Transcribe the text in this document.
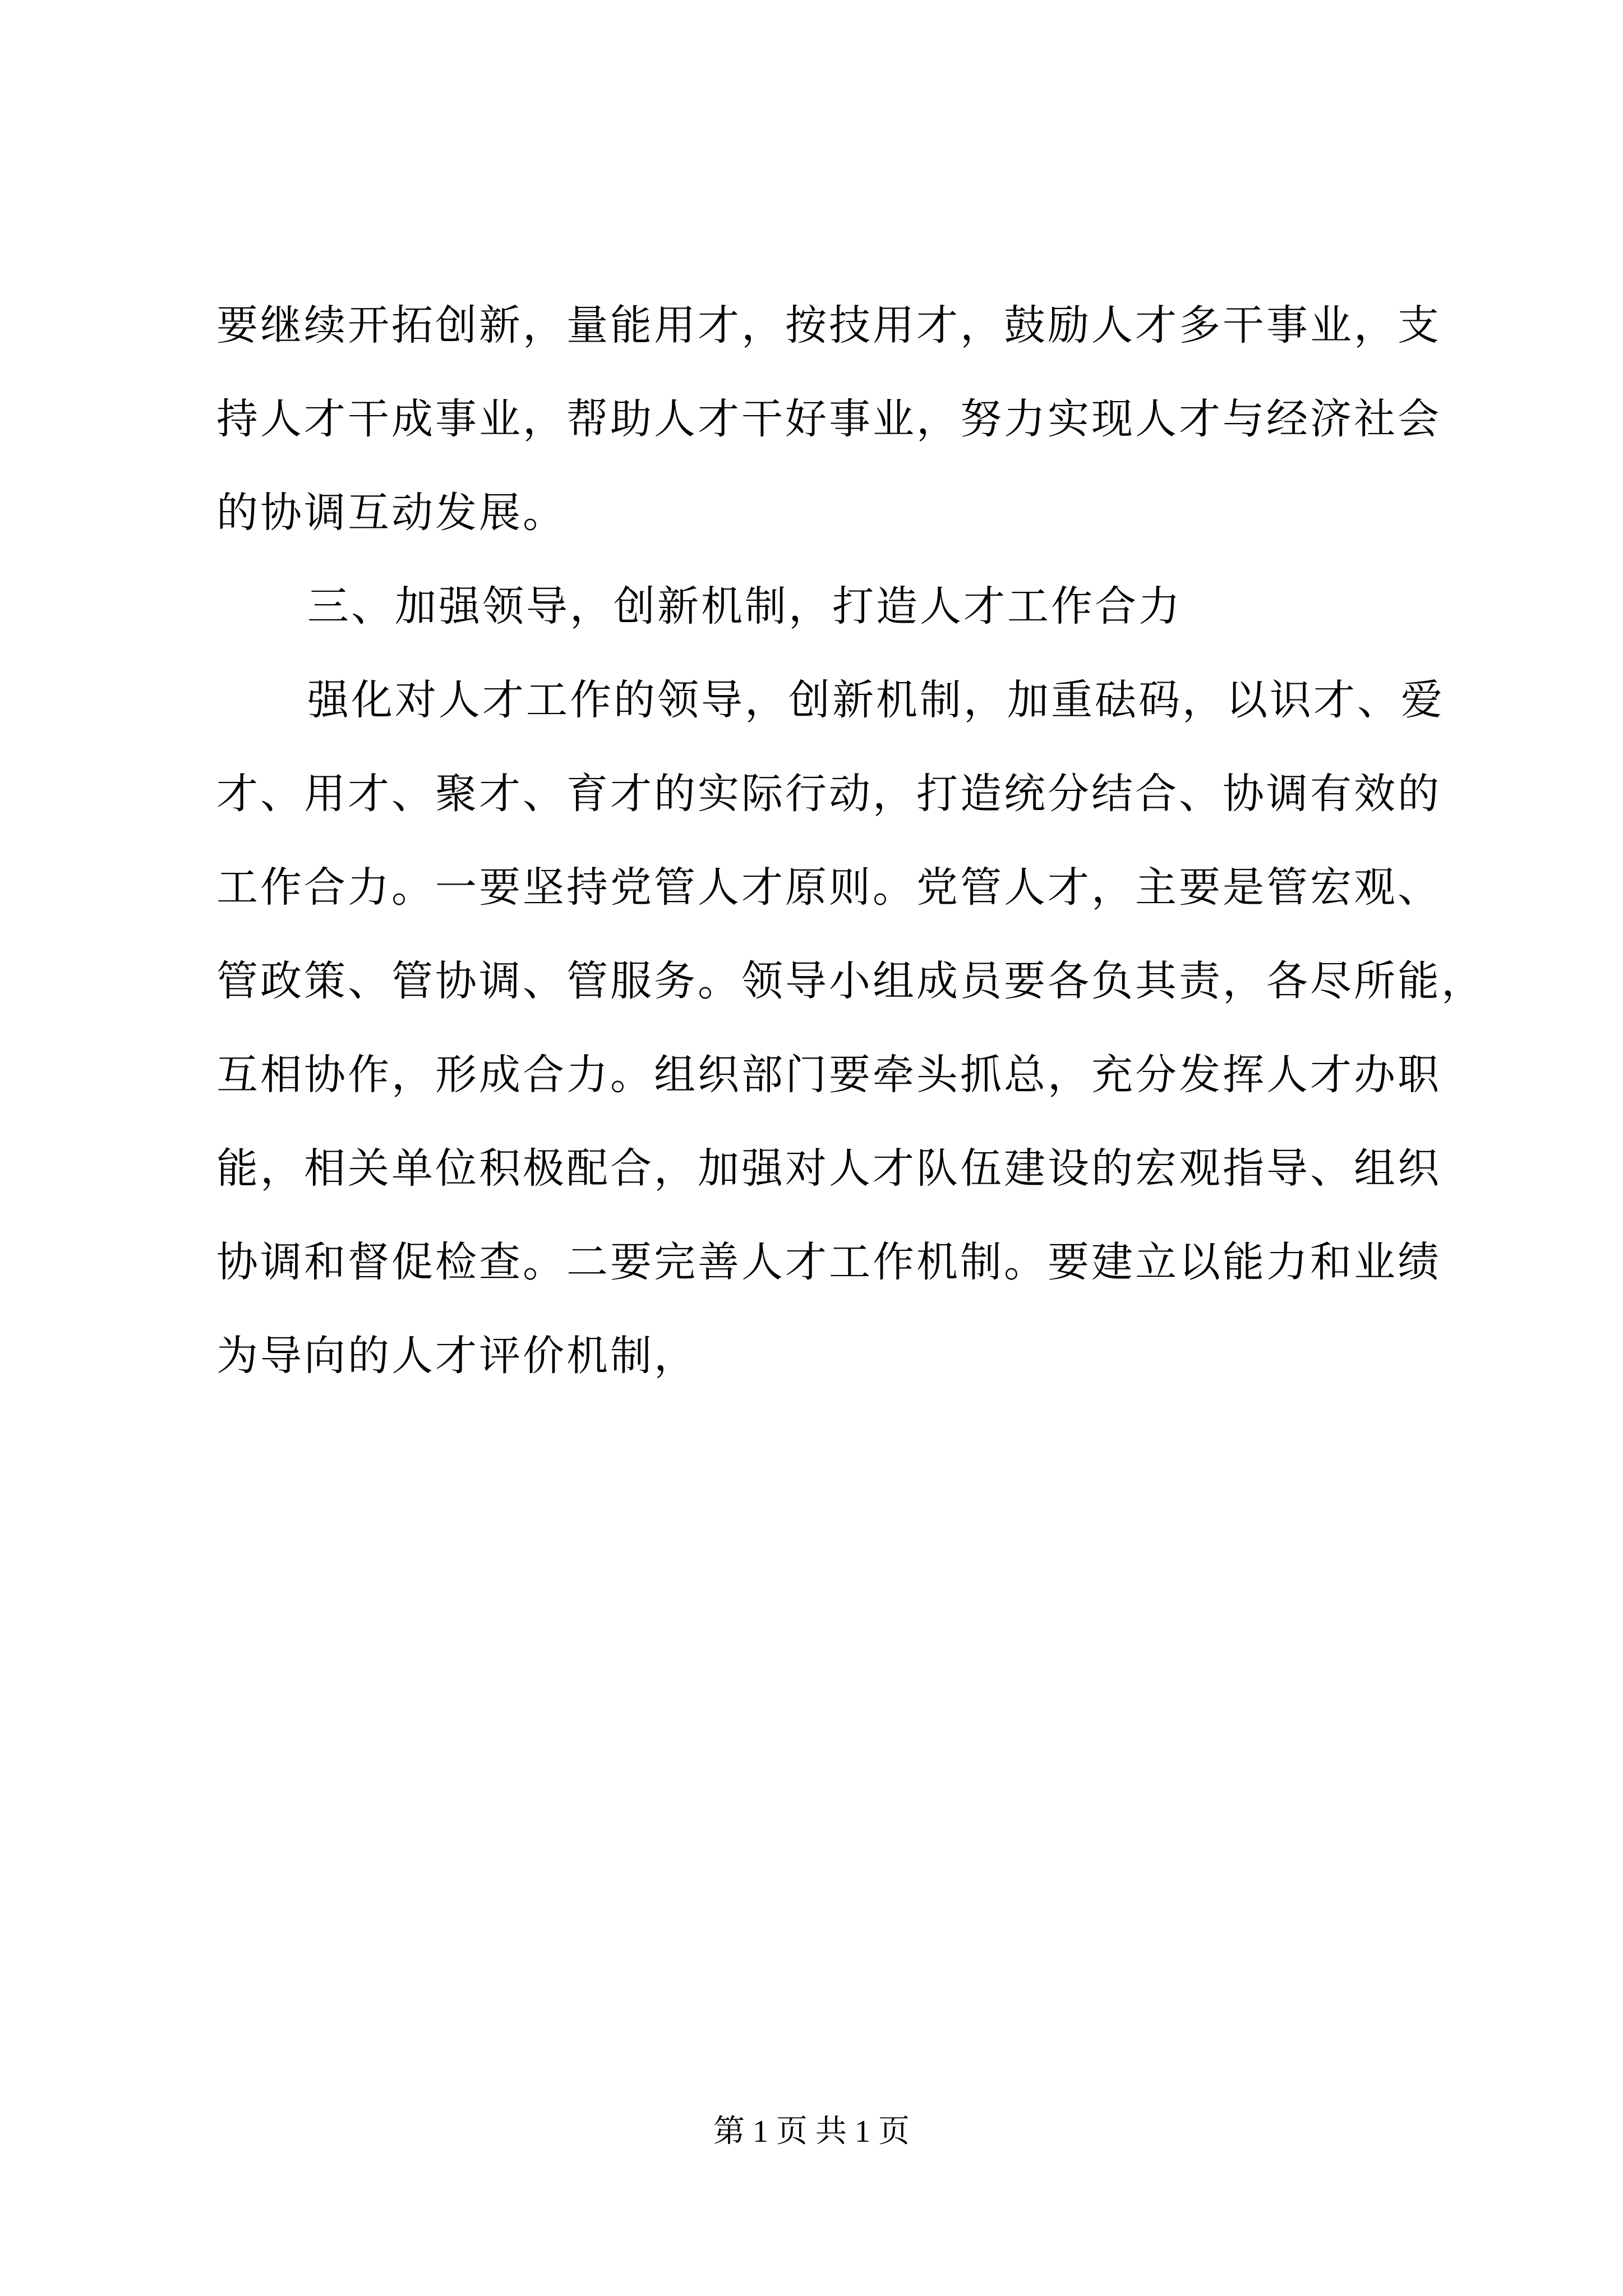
要继续开拓创新，量能用才，按技用才，鼓励人才多干事业，支
持人才干成事业，帮助人才干好事业，努力实现人才与经济社会
的协调互动发展。
三、加强领导，创新机制，打造人才工作合力
强化对人才工作的领导，创新机制，加重砝码，以识才、爱
才、用才、聚才、育才的实际行动，打造统分结合、协调有效的
工作合力。一要坚持党管人才原则。党管人才，主要是管宏观、
管政策、管协调、管服务。领导小组成员要各负其责，各尽所能，
互相协作，形成合力。组织部门要牵头抓总，充分发挥人才办职
能，相关单位积极配合，加强对人才队伍建设的宏观指导、组织
协调和督促检查。二要完善人才工作机制。要建立以能力和业绩
为导向的人才评价机制，
第 1 页 共 1 页
